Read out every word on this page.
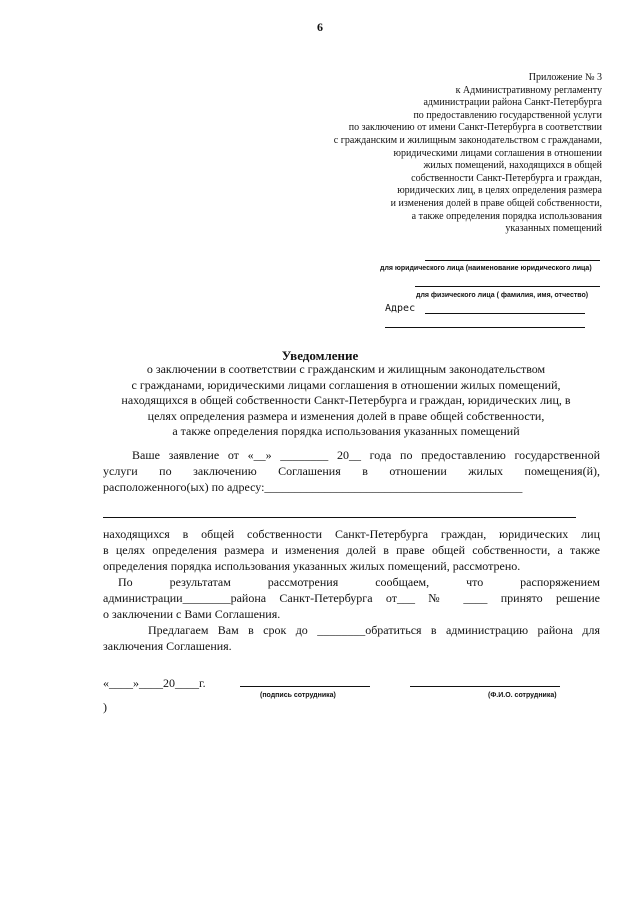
6
Приложение № 3
к Административному регламенту
администрации района Санкт-Петербурга
по предоставлению государственной услуги
по заключению от имени Санкт-Петербурга в соответствии
с гражданским и жилищным законодательством с гражданами,
юридическими лицами соглашения в отношении
жилых помещений, находящихся в общей
собственности Санкт-Петербурга и граждан,
юридических лиц, в целях определения размера
и изменения долей в праве общей собственности,
а также определения порядка использования
указанных помещений
для юридического лица (наименование юридического лица)
для физического лица ( фамилия, имя, отчество)
Адрес
Уведомление
о заключении в соответствии с гражданским и жилищным законодательством
с гражданами, юридическими лицами соглашения в отношении жилых помещений,
находящихся в общей собственности Санкт-Петербурга и граждан, юридических лиц, в
целях определения размера и изменения долей в праве общей собственности,
а также определения порядка использования указанных помещений
Ваше заявление от «__» ________ 20__ года по предоставлению государственной
услуги по заключению Соглашения в отношении жилых помещения(й),
расположенного(ых) по адресу:___________________________________________
находящихся в общей собственности Санкт-Петербурга граждан, юридических лиц
в целях определения размера и изменения долей в праве общей собственности, а также
определения порядка использования указанных жилых помещений, рассмотрено.
По результатам рассмотрения сообщаем, что распоряжением
администрации________района Санкт-Петербурга от___ № ____ принято решение
о заключении с Вами Соглашения.
Предлагаем Вам в срок до ________обратиться в администрацию района для
заключения Соглашения.
«____»____20____г.
(подпись сотрудника)	(Ф.И.О. сотрудника)
)
